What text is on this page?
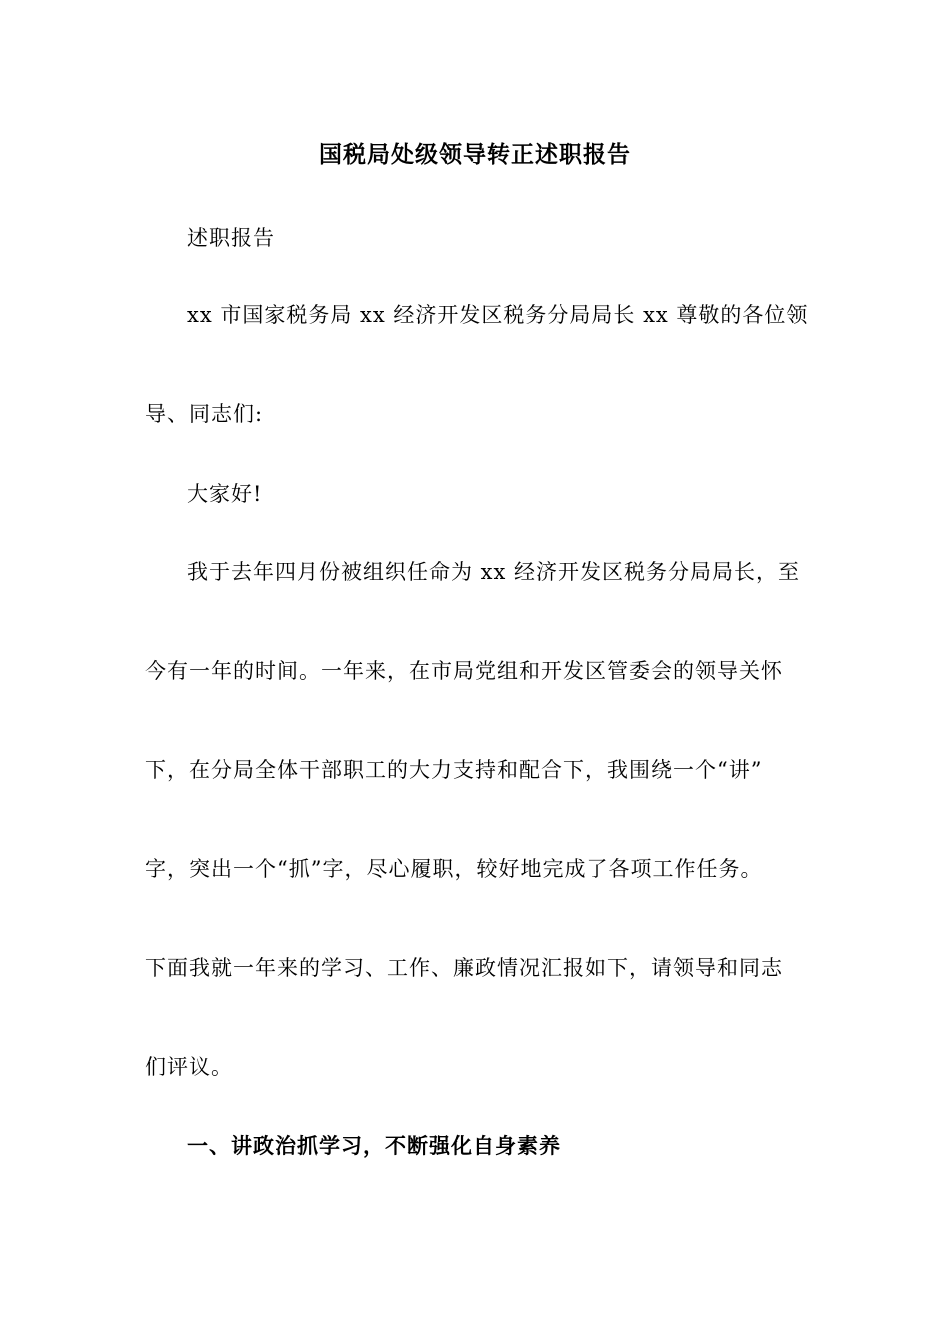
国税局处级领导转正述职报告
述职报告
xx 市国家税务局 xx 经济开发区税务分局局长 xx 尊敬的各位领
导、同志们:
大家好!
我于去年四月份被组织任命为 xx 经济开发区税务分局局长，至
今有一年的时间。一年来，在市局党组和开发区管委会的领导关怀
下，在分局全体干部职工的大力支持和配合下，我围绕一个“讲”
字，突出一个“抓”字，尽心履职，较好地完成了各项工作任务。
下面我就一年来的学习、工作、廉政情况汇报如下，请领导和同志
们评议。
一、讲政治抓学习，不断强化自身素养
